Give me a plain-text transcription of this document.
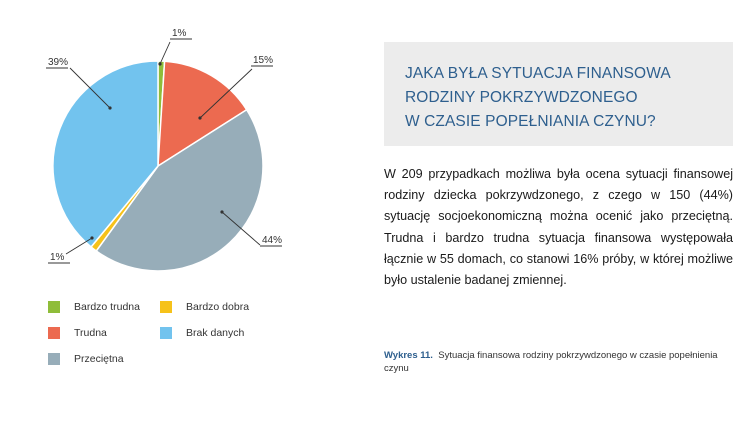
1%
15%
44%
1%
39%
Bardzo trudna	Bardzo dobra
Trudna	Brak danych
Przeciętna
JAKA BYŁA SYTUACJA FINANSOWA
RODZINY POKRZYWDZONEGO
W CZASIE POPEŁNIANIA CZYNU?
W 209 przypadkach możliwa była ocena sytuacji finansowej rodziny dziecka pokrzywdzonego, z czego w 150 (44%) sytuację socjoekonomiczną można ocenić jako przeciętną. Trudna i bardzo trudna sytuacja finansowa występowała łącznie w 55 domach, co stanowi 16% próby, w której możliwe było ustalenie badanej zmiennej.
Wykres 11. Sytuacja finansowa rodziny pokrzywdzonego w czasie popełnienia czynu
